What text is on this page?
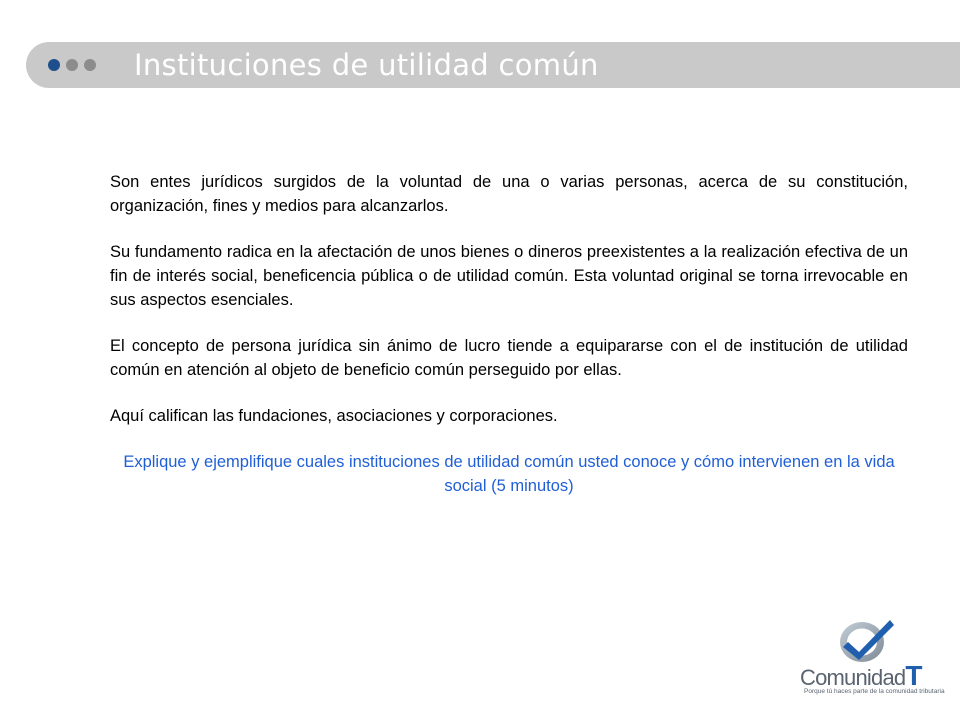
Instituciones de utilidad común

Son entes jurídicos surgidos de la voluntad de una o varias personas, acerca de su constitución, organización, fines y medios para alcanzarlos.

Su fundamento radica en la afectación de unos bienes o dineros preexistentes a la realización efectiva de un fin de interés social, beneficencia pública o de utilidad común. Esta voluntad original se torna irrevocable en sus aspectos esenciales.

El concepto de persona jurídica sin ánimo de lucro tiende a equipararse con el de institución de utilidad común en atención al objeto de beneficio común perseguido por ellas.

Aquí califican las fundaciones, asociaciones y corporaciones.

Explique y ejemplifique cuales instituciones de utilidad común usted conoce y cómo intervienen en la vida social (5 minutos)

ComunidadT
Porque tú haces parte de la comunidad tributaria
